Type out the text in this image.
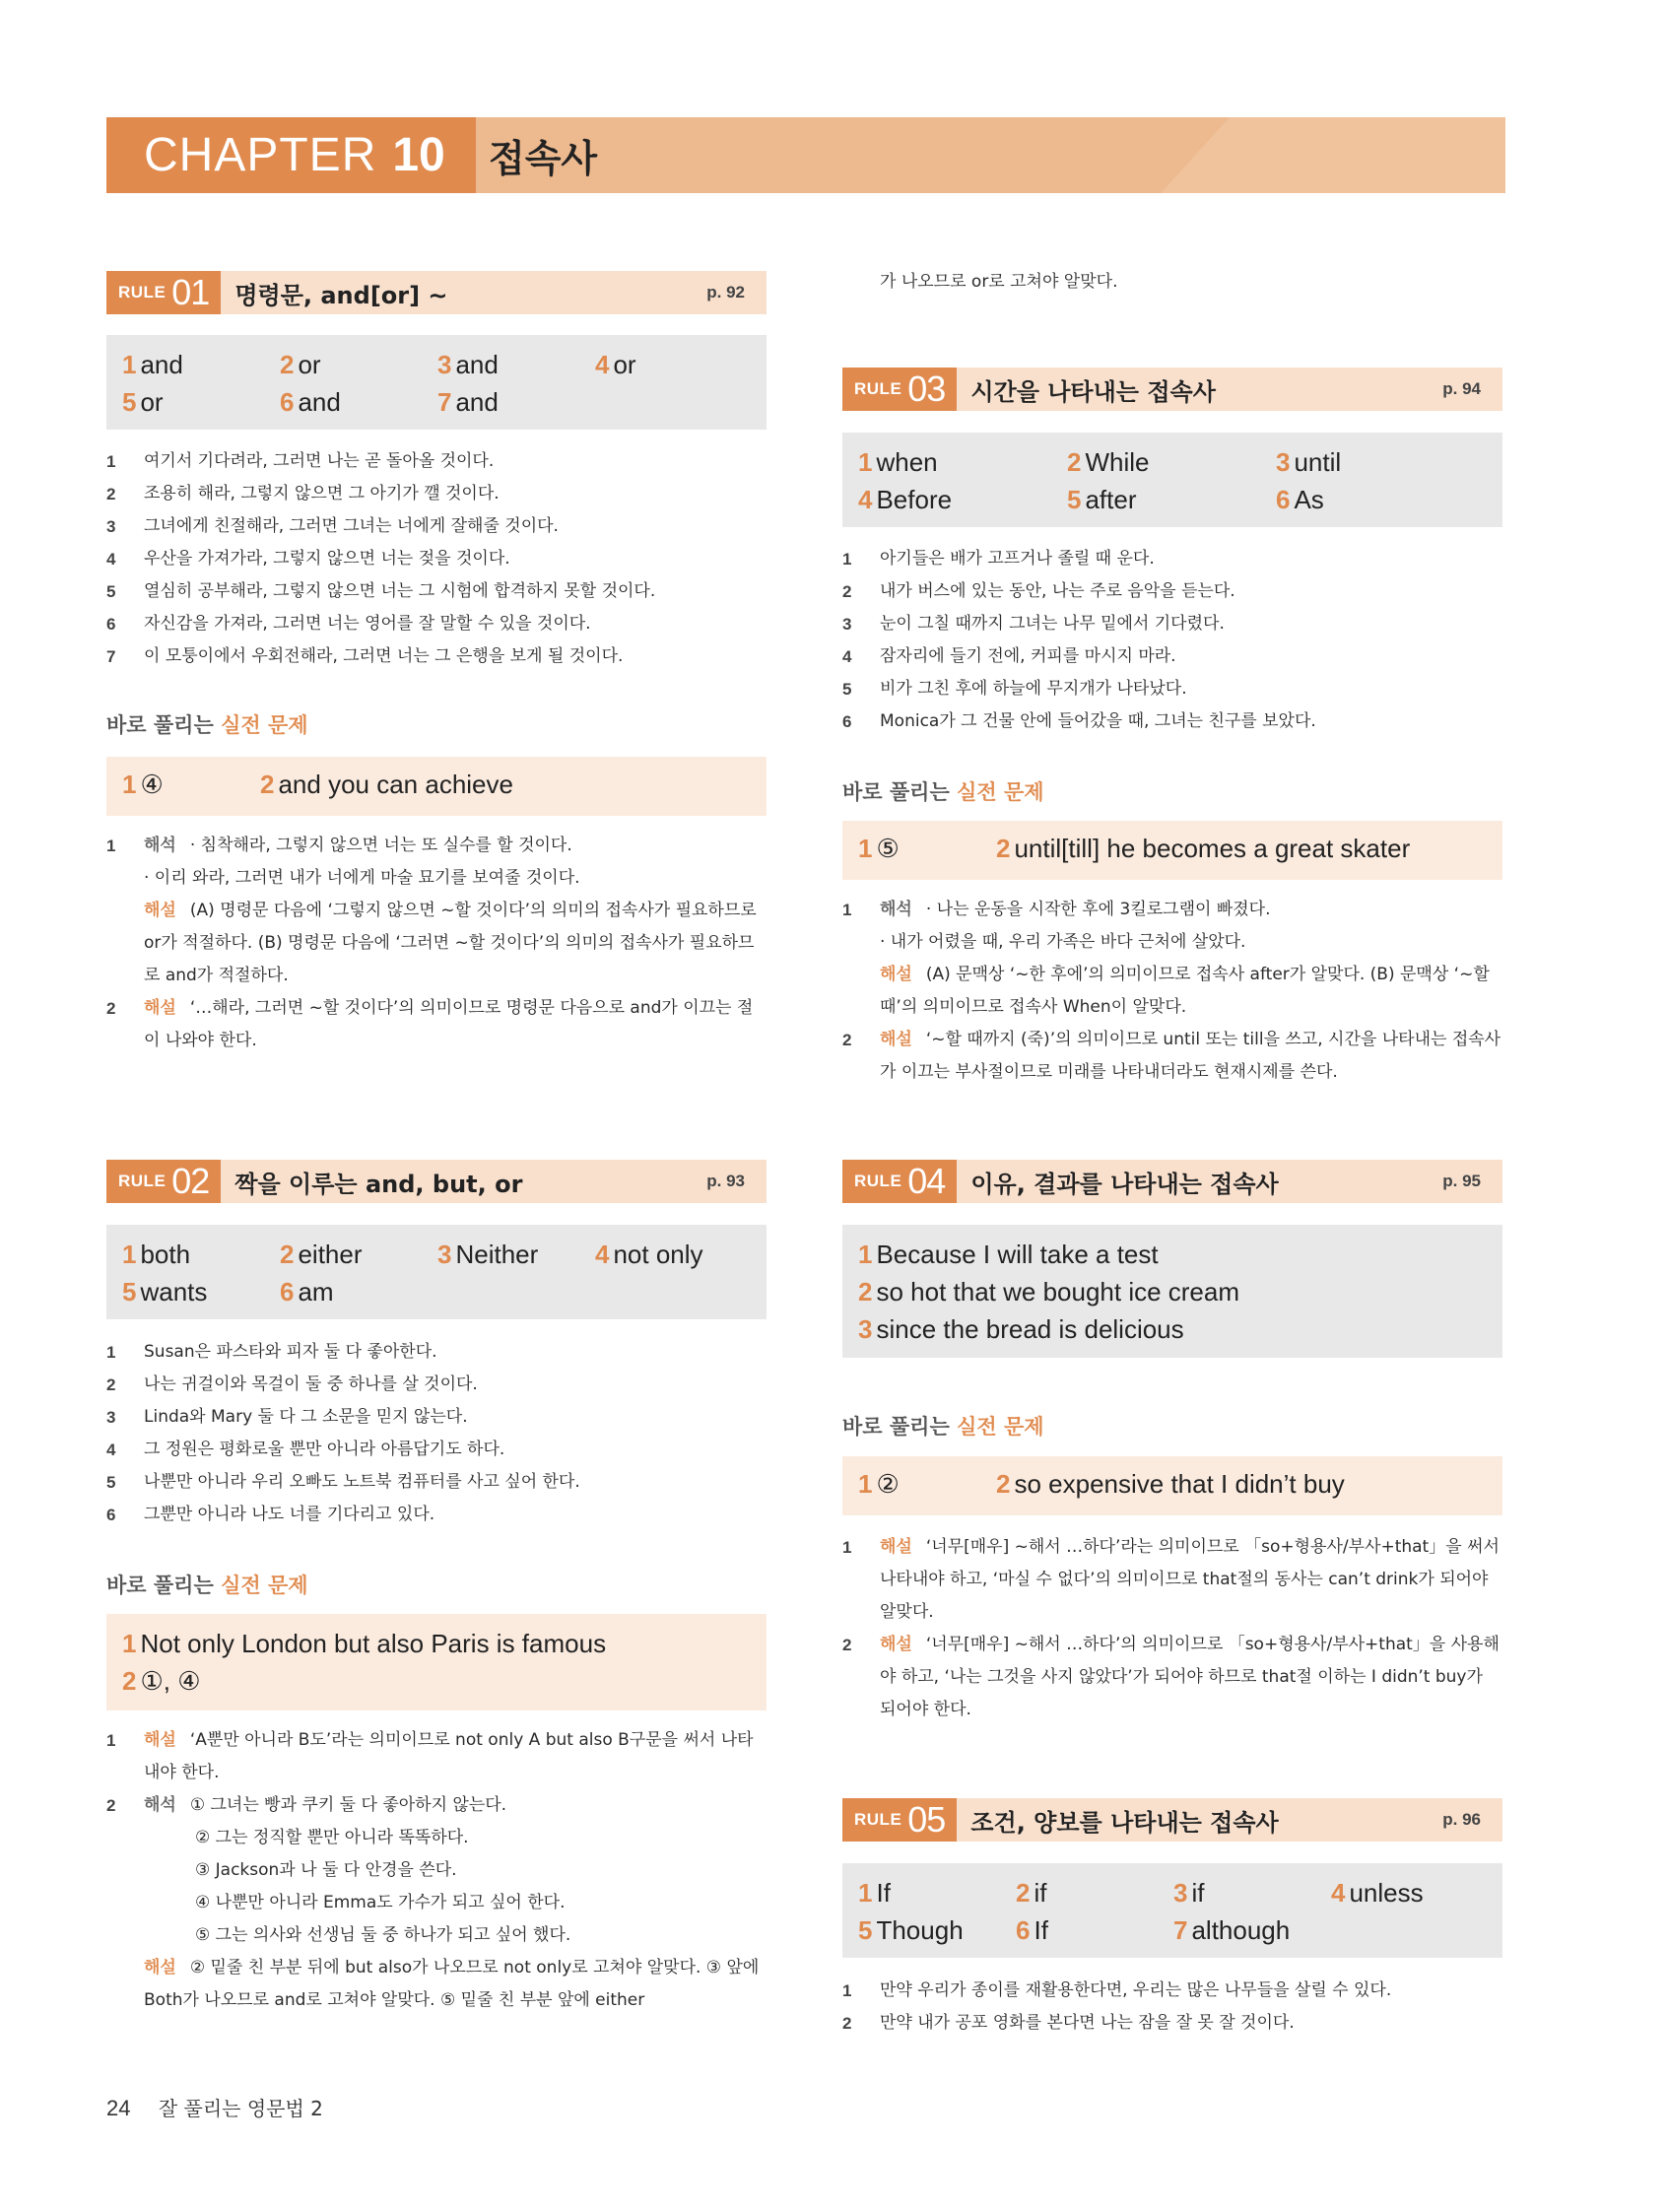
CHAPTER 10 접속사
RULE 01 명령문, and[or] ~	p. 92
1 and	2 or	3 and	4 or
5 or	6 and	7 and
1	여기서 기다려라, 그러면 나는 곧 돌아올 것이다.
2	조용히 해라, 그렇지 않으면 그 아기가 깰 것이다.
3	그녀에게 친절해라, 그러면 그녀는 너에게 잘해줄 것이다.
4	우산을 가져가라, 그렇지 않으면 너는 젖을 것이다.
5	열심히 공부해라, 그렇지 않으면 너는 그 시험에 합격하지 못할 것이다.
6	자신감을 가져라, 그러면 너는 영어를 잘 말할 수 있을 것이다.
7	이 모퉁이에서 우회전해라, 그러면 너는 그 은행을 보게 될 것이다.
바로 풀리는 실전 문제
1 ④	2 and you can achieve
1	해석 · 침착해라, 그렇지 않으면 너는 또 실수를 할 것이다.
· 이리 와라, 그러면 내가 너에게 마술 묘기를 보여줄 것이다.
해설 (A) 명령문 다음에 ‘그렇지 않으면 ~할 것이다’의 의미의 접속사가 필요하므로 or가 적절하다. (B) 명령문 다음에 ‘그러면 ~할 것이다’의 의미의 접속사가 필요하므로 and가 적절하다.
2	해설 ‘…해라, 그러면 ~할 것이다’의 의미이므로 명령문 다음으로 and가 이끄는 절이 나와야 한다.
RULE 02 짝을 이루는 and, but, or	p. 93
1 both	2 either	3 Neither	4 not only
5 wants	6 am
1	Susan은 파스타와 피자 둘 다 좋아한다.
2	나는 귀걸이와 목걸이 둘 중 하나를 살 것이다.
3	Linda와 Mary 둘 다 그 소문을 믿지 않는다.
4	그 정원은 평화로울 뿐만 아니라 아름답기도 하다.
5	나뿐만 아니라 우리 오빠도 노트북 컴퓨터를 사고 싶어 한다.
6	그뿐만 아니라 나도 너를 기다리고 있다.
바로 풀리는 실전 문제
1 Not only London but also Paris is famous
2 ①, ④
1	해설 ‘A뿐만 아니라 B도’라는 의미이므로 not only A but also B구문을 써서 나타내야 한다.
2	해석 ① 그녀는 빵과 쿠키 둘 다 좋아하지 않는다.
② 그는 정직할 뿐만 아니라 똑똑하다.
③ Jackson과 나 둘 다 안경을 쓴다.
④ 나뿐만 아니라 Emma도 가수가 되고 싶어 한다.
⑤ 그는 의사와 선생님 둘 중 하나가 되고 싶어 했다.
해설 ② 밑줄 친 부분 뒤에 but also가 나오므로 not only로 고쳐야 알맞다. ③ 앞에 Both가 나오므로 and로 고쳐야 알맞다. ⑤ 밑줄 친 부분 앞에 either
가 나오므로 or로 고쳐야 알맞다.
RULE 03 시간을 나타내는 접속사	p. 94
1 when	2 While	3 until
4 Before	5 after	6 As
1	아기들은 배가 고프거나 졸릴 때 운다.
2	내가 버스에 있는 동안, 나는 주로 음악을 듣는다.
3	눈이 그칠 때까지 그녀는 나무 밑에서 기다렸다.
4	잠자리에 들기 전에, 커피를 마시지 마라.
5	비가 그친 후에 하늘에 무지개가 나타났다.
6	Monica가 그 건물 안에 들어갔을 때, 그녀는 친구를 보았다.
바로 풀리는 실전 문제
1 ⑤	2 until[till] he becomes a great skater
1	해석 · 나는 운동을 시작한 후에 3킬로그램이 빠졌다.
· 내가 어렸을 때, 우리 가족은 바다 근처에 살았다.
해설 (A) 문맥상 ‘~한 후에’의 의미이므로 접속사 after가 알맞다. (B) 문맥상 ‘~할 때’의 의미이므로 접속사 When이 알맞다.
2	해설 ‘~할 때까지 (죽)’의 의미이므로 until 또는 till을 쓰고, 시간을 나타내는 접속사가 이끄는 부사절이므로 미래를 나타내더라도 현재시제를 쓴다.
RULE 04 이유, 결과를 나타내는 접속사	p. 95
1 Because I will take a test
2 so hot that we bought ice cream
3 since the bread is delicious
바로 풀리는 실전 문제
1 ②	2 so expensive that I didn’t buy
1	해설 ‘너무[매우] ~해서 …하다’라는 의미이므로 「so+형용사/부사+that」을 써서 나타내야 하고, ‘마실 수 없다’의 의미이므로 that절의 동사는 can’t drink가 되어야 알맞다.
2	해설 ‘너무[매우] ~해서 …하다’의 의미이므로 「so+형용사/부사+that」을 사용해야 하고, ‘나는 그것을 사지 않았다’가 되어야 하므로 that절 이하는 I didn’t buy가 되어야 한다.
RULE 05 조건, 양보를 나타내는 접속사	p. 96
1 If	2 if	3 if	4 unless
5 Though	6 If	7 although
1	만약 우리가 종이를 재활용한다면, 우리는 많은 나무들을 살릴 수 있다.
2	만약 내가 공포 영화를 본다면 나는 잠을 잘 못 잘 것이다.
24 잘 풀리는 영문법 2
